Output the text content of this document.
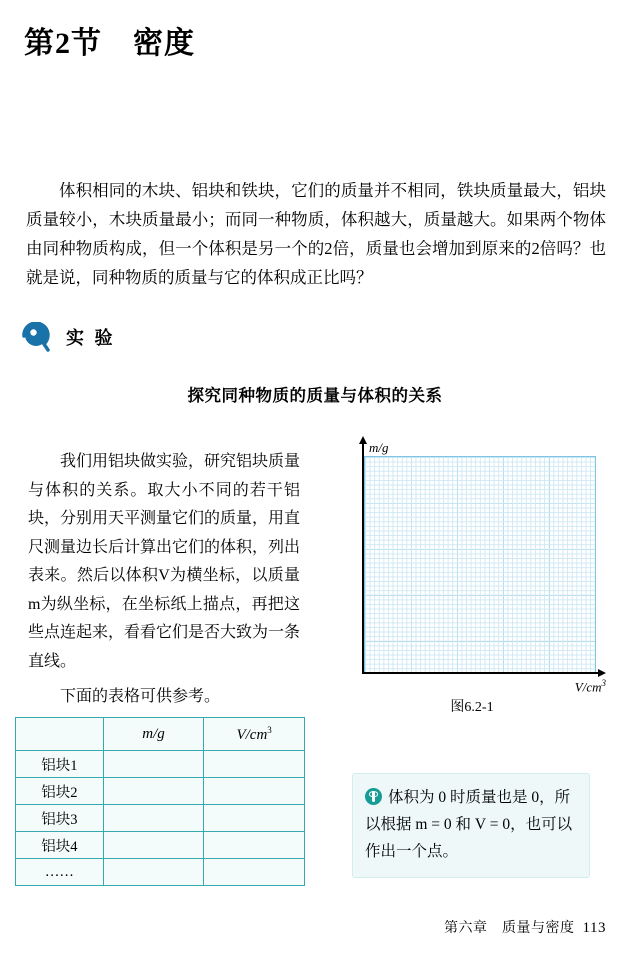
第2节　密度
体积相同的木块、铝块和铁块，它们的质量并不相同，铁块质量最大，铝块质量较小，木块质量最小；而同一种物质，体积越大，质量越大。如果两个物体由同种物质构成，但一个体积是另一个的2倍，质量也会增加到原来的2倍吗？也就是说，同种物质的质量与它的体积成正比吗？
实 验
探究同种物质的质量与体积的关系
我们用铝块做实验，研究铝块质量与体积的关系。取大小不同的若干铝块，分别用天平测量它们的质量，用直尺测量边长后计算出它们的体积，列出表来。然后以体积V为横坐标，以质量m为纵坐标，在坐标纸上描点，再把这些点连起来，看看它们是否大致为一条直线。
下面的表格可供参考。
	m/g	$V/cm^3$
铝块1		
铝块2		
铝块3		
铝块4		
……		
m/g
$V/cm^3$
图6.2-1
体积为 0 时质量也是 0，所以根据 m = 0 和 V = 0，也可以作出一个点。
第六章　质量与密度 113
